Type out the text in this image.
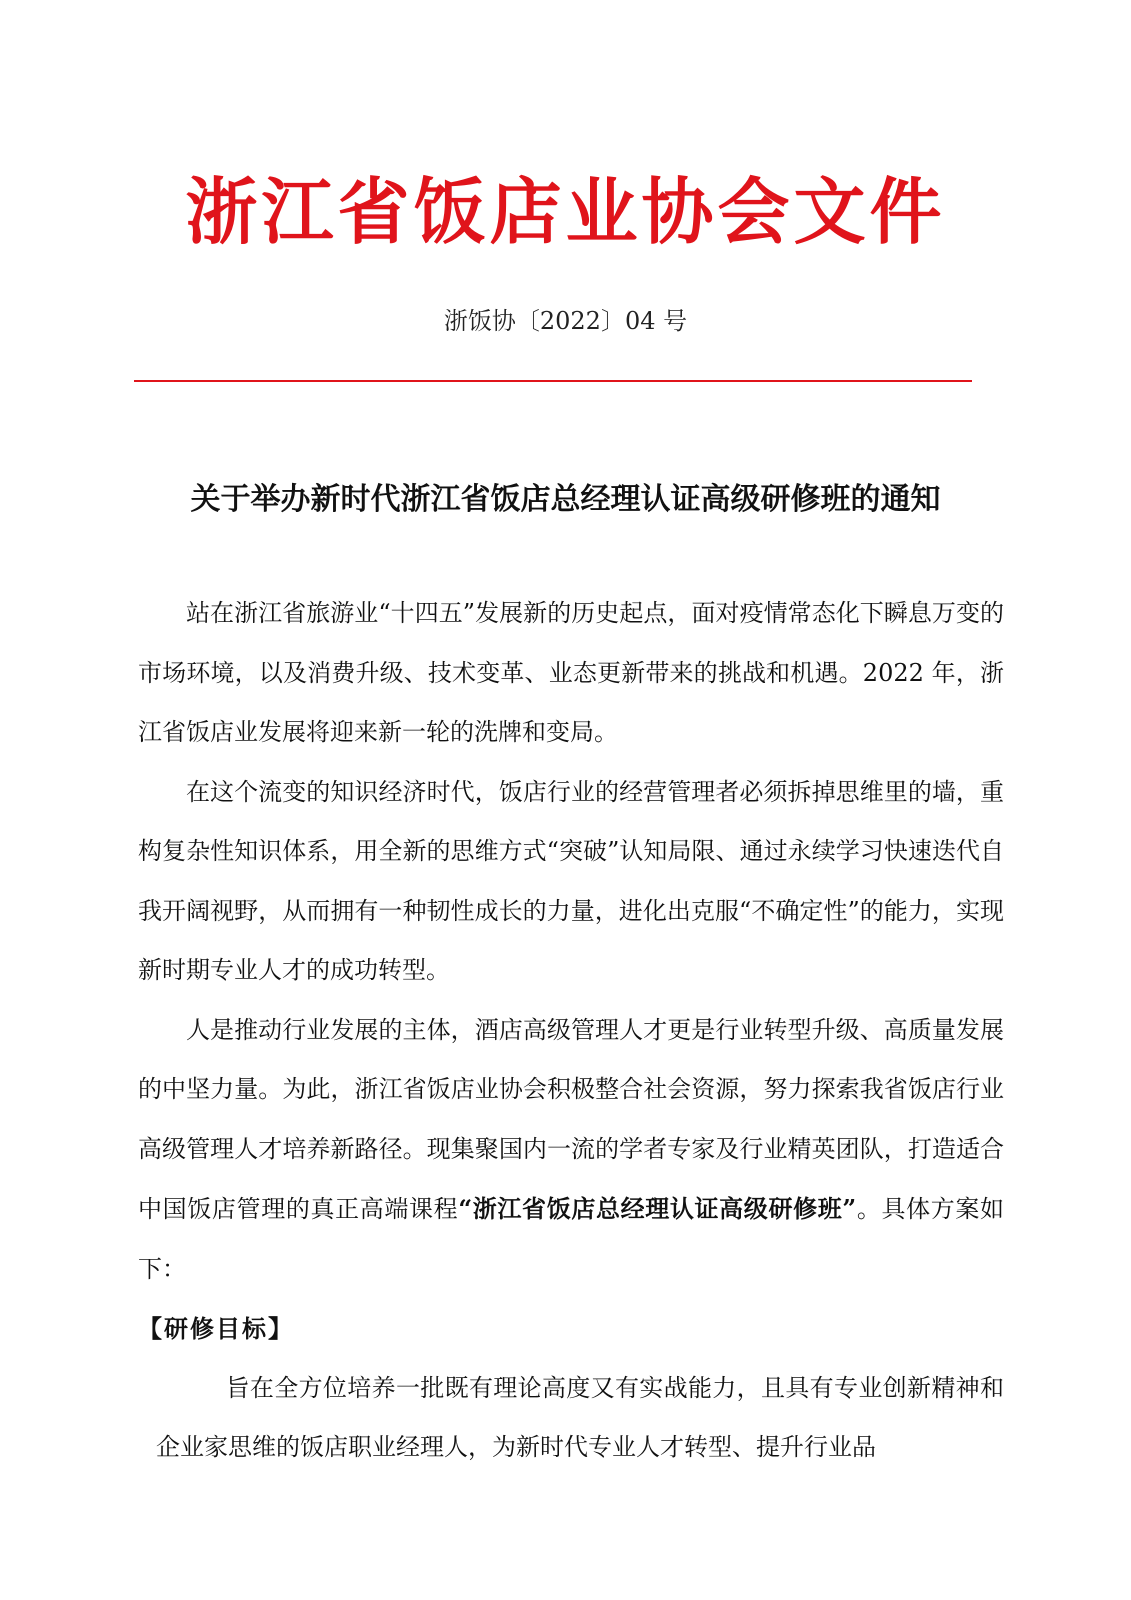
浙江省饭店业协会文件
浙饭协〔2022〕04 号
关于举办新时代浙江省饭店总经理认证高级研修班的通知

站在浙江省旅游业“十四五”发展新的历史起点，面对疫情常态化下瞬息万变的市场环境，以及消费升级、技术变革、业态更新带来的挑战和机遇。2022 年，浙江省饭店业发展将迎来新一轮的洗牌和变局。

在这个流变的知识经济时代，饭店行业的经营管理者必须拆掉思维里的墙，重构复杂性知识体系，用全新的思维方式“突破”认知局限、通过永续学习快速迭代自我开阔视野，从而拥有一种韧性成长的力量，进化出克服“不确定性”的能力，实现新时期专业人才的成功转型。

人是推动行业发展的主体，酒店高级管理人才更是行业转型升级、高质量发展的中坚力量。为此，浙江省饭店业协会积极整合社会资源，努力探索我省饭店行业高级管理人才培养新路径。现集聚国内一流的学者专家及行业精英团队，打造适合中国饭店管理的真正高端课程“浙江省饭店总经理认证高级研修班”。具体方案如下：

【研修目标】

旨在全方位培养一批既有理论高度又有实战能力，且具有专业创新精神和企业家思维的饭店职业经理人，为新时代专业人才转型、提升行业品
